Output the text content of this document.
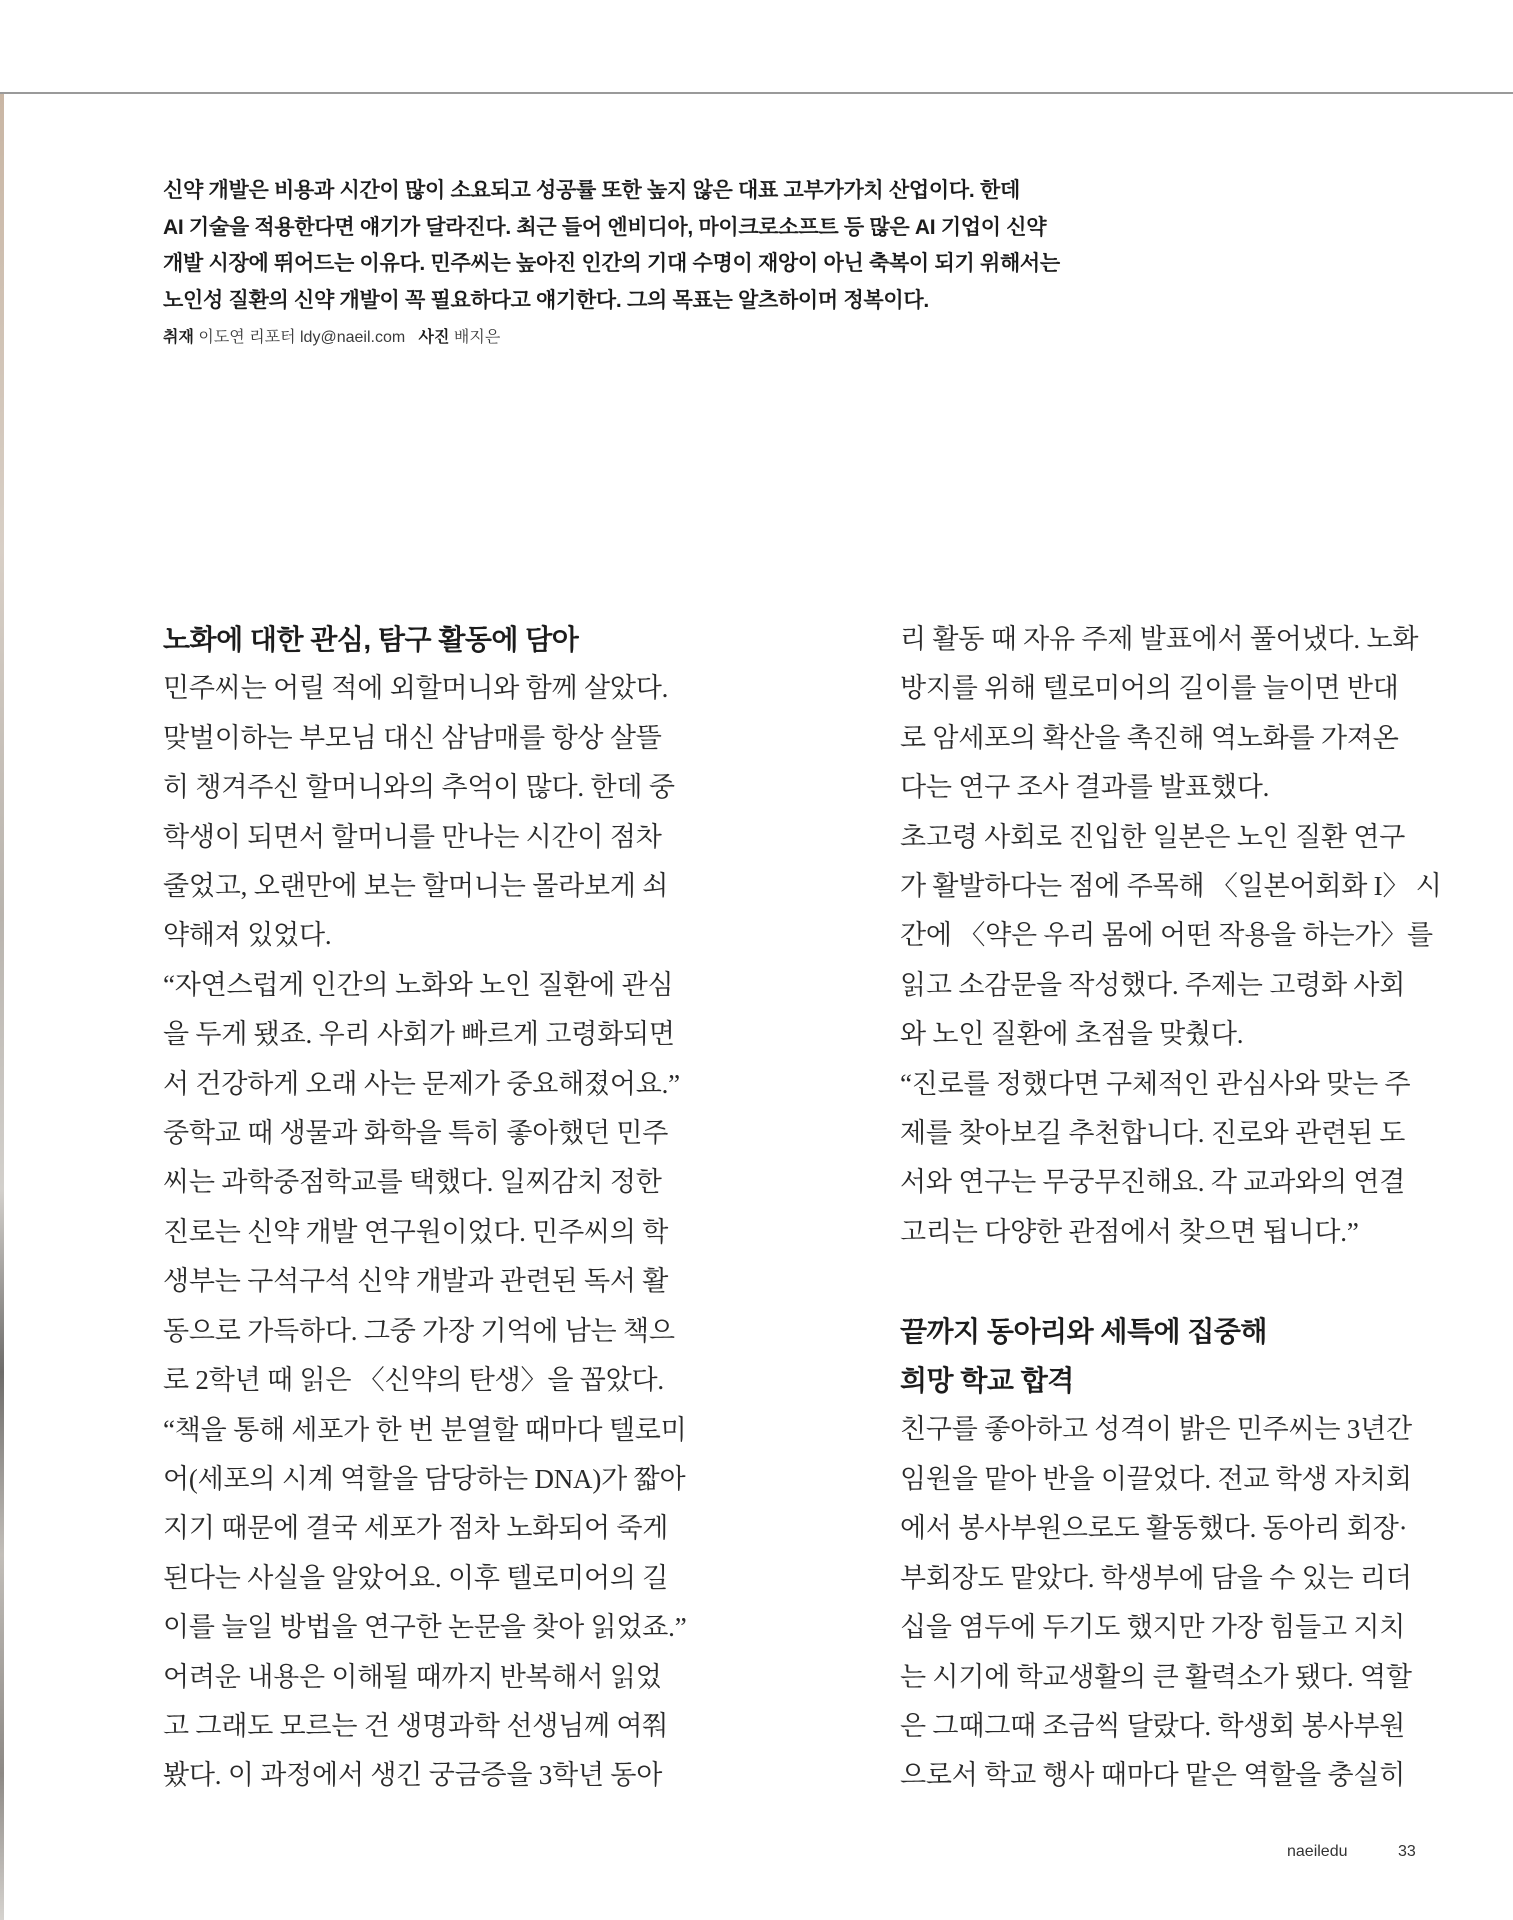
신약 개발은 비용과 시간이 많이 소요되고 성공률 또한 높지 않은 대표 고부가가치 산업이다. 한데

AI 기술을 적용한다면 얘기가 달라진다. 최근 들어 엔비디아, 마이크로소프트 등 많은 AI 기업이 신약

개발 시장에 뛰어드는 이유다. 민주씨는 높아진 인간의 기대 수명이 재앙이 아닌 축복이 되기 위해서는

노인성 질환의 신약 개발이 꼭 필요하다고 얘기한다. 그의 목표는 알츠하이머 정복이다.

취재 이도연 리포터 ldy@naeil.com 사진 배지은
노화에 대한 관심, 탐구 활동에 담아

민주씨는 어릴 적에 외할머니와 함께 살았다.

맞벌이하는 부모님 대신 삼남매를 항상 살뜰

히 챙겨주신 할머니와의 추억이 많다. 한데 중

학생이 되면서 할머니를 만나는 시간이 점차

줄었고, 오랜만에 보는 할머니는 몰라보게 쇠

약해져 있었다.

“자연스럽게 인간의 노화와 노인 질환에 관심

을 두게 됐죠. 우리 사회가 빠르게 고령화되면

서 건강하게 오래 사는 문제가 중요해졌어요.”

중학교 때 생물과 화학을 특히 좋아했던 민주

씨는 과학중점학교를 택했다. 일찌감치 정한

진로는 신약 개발 연구원이었다. 민주씨의 학

생부는 구석구석 신약 개발과 관련된 독서 활

동으로 가득하다. 그중 가장 기억에 남는 책으

로 2학년 때 읽은 〈신약의 탄생〉을 꼽았다.

“책을 통해 세포가 한 번 분열할 때마다 텔로미

어(세포의 시계 역할을 담당하는 DNA)가 짧아

지기 때문에 결국 세포가 점차 노화되어 죽게

된다는 사실을 알았어요. 이후 텔로미어의 길

이를 늘일 방법을 연구한 논문을 찾아 읽었죠.”

어려운 내용은 이해될 때까지 반복해서 읽었

고 그래도 모르는 건 생명과학 선생님께 여쭤

봤다. 이 과정에서 생긴 궁금증을 3학년 동아

리 활동 때 자유 주제 발표에서 풀어냈다. 노화

방지를 위해 텔로미어의 길이를 늘이면 반대

로 암세포의 확산을 촉진해 역노화를 가져온

다는 연구 조사 결과를 발표했다.

초고령 사회로 진입한 일본은 노인 질환 연구

가 활발하다는 점에 주목해 〈일본어회화 I〉 시

간에 〈약은 우리 몸에 어떤 작용을 하는가〉를

읽고 소감문을 작성했다. 주제는 고령화 사회

와 노인 질환에 초점을 맞췄다.

“진로를 정했다면 구체적인 관심사와 맞는 주

제를 찾아보길 추천합니다. 진로와 관련된 도

서와 연구는 무궁무진해요. 각 교과와의 연결

고리는 다양한 관점에서 찾으면 됩니다.”

끝까지 동아리와 세특에 집중해
희망 학교 합격

친구를 좋아하고 성격이 밝은 민주씨는 3년간

임원을 맡아 반을 이끌었다. 전교 학생 자치회

에서 봉사부원으로도 활동했다. 동아리 회장·

부회장도 맡았다. 학생부에 담을 수 있는 리더

십을 염두에 두기도 했지만 가장 힘들고 지치

는 시기에 학교생활의 큰 활력소가 됐다. 역할

은 그때그때 조금씩 달랐다. 학생회 봉사부원

으로서 학교 행사 때마다 맡은 역할을 충실히

naeiledu	33
